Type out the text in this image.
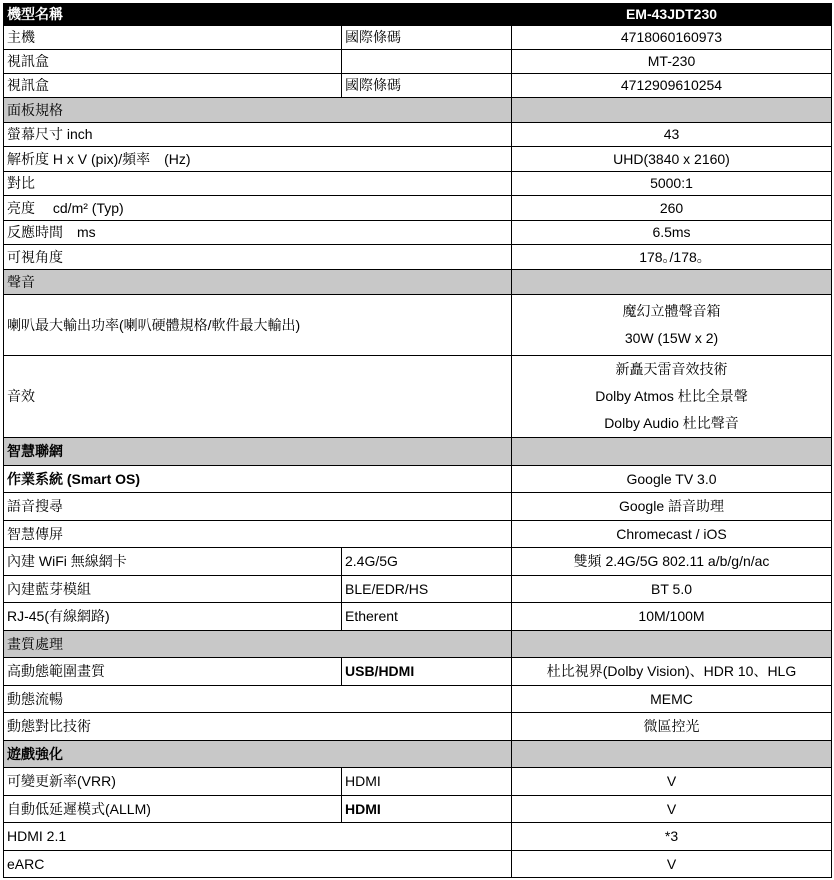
機型名稱		EM-43JDT230
主機	國際條碼	4718060160973
視訊盒		MT-230
視訊盒	國際條碼	4712909610254
面板規格		
螢幕尺寸 inch		43
解析度 H x V (pix)/頻率　(Hz)		UHD(3840 x 2160)
對比		5000:1
亮度　 cd/m² (Typ)		260
反應時間　ms		6.5ms
可視角度		178｡/178｡
聲音		
喇叭最大輸出功率(喇叭硬體規格/軟件最大輸出)		魔幻立體聲音箱
30W (15W x 2)

音效		新矗天雷音效技術
Dolby Atmos 杜比全景聲
Dolby Audio 杜比聲音

智慧聯網		
作業系統 (Smart OS)		Google TV 3.0
語音搜尋		Google 語音助理
智慧傳屏		Chromecast / iOS
內建 WiFi 無線網卡	2.4G/5G	雙頻 2.4G/5G 802.11 a/b/g/n/ac
內建藍芽模組	BLE/EDR/HS	BT 5.0
RJ-45(有線網路)	Etherent	10M/100M
畫質處理		
高動態範圍畫質	USB/HDMI	杜比視界(Dolby Vision)、HDR 10、HLG
動態流暢		MEMC
動態對比技術		微區控光
遊戲強化		
可變更新率(VRR)	HDMI	V
自動低延遲模式(ALLM)	HDMI	V
HDMI 2.1		*3
eARC		V
